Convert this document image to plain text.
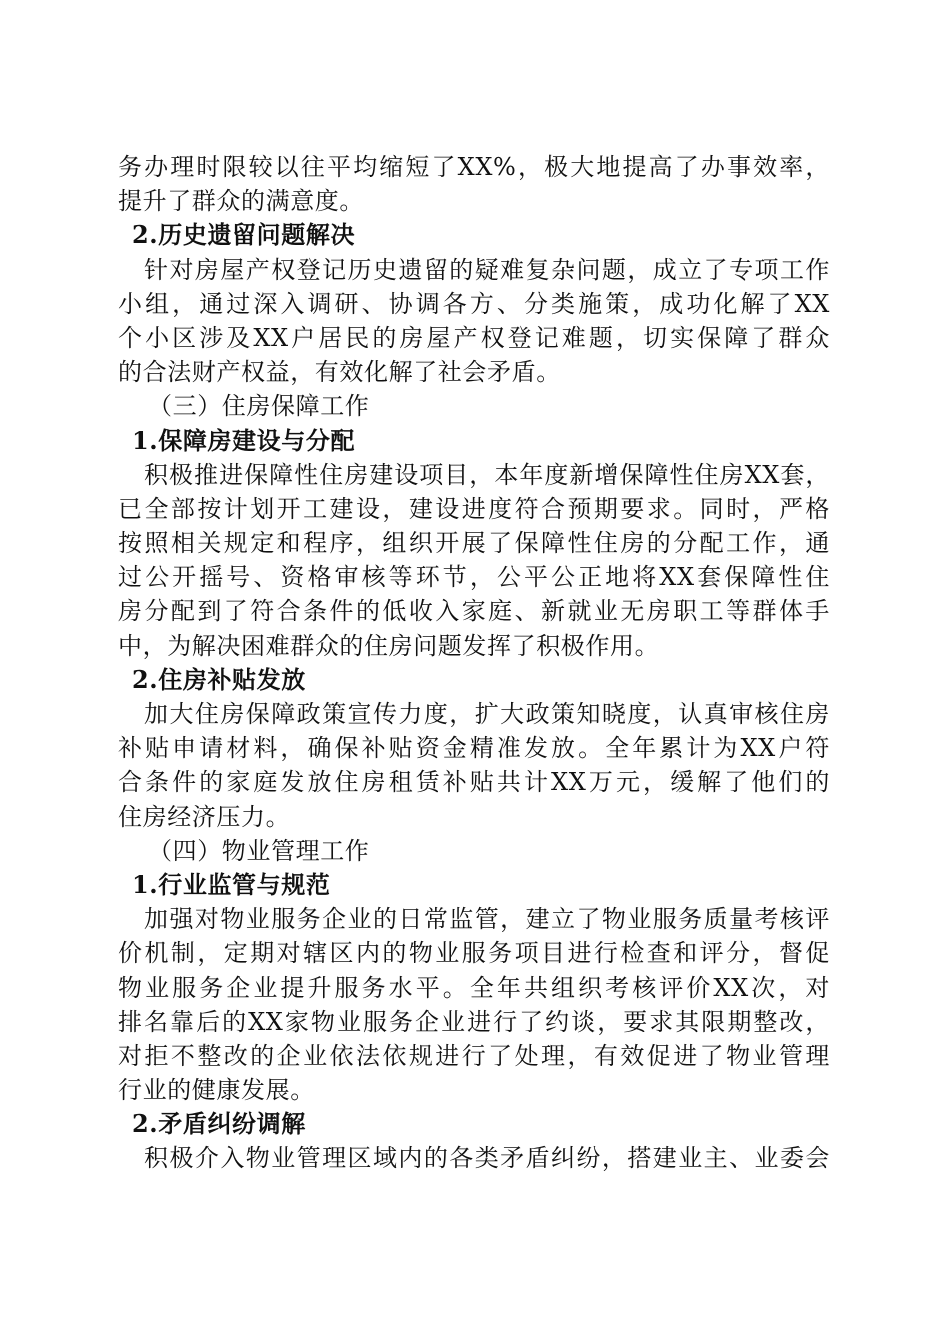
务办理时限较以往平均缩短了XX%，极大地提高了办事效率，
提升了群众的满意度。
2.历史遗留问题解决
针对房屋产权登记历史遗留的疑难复杂问题，成立了专项工作
小组，通过深入调研、协调各方、分类施策，成功化解了XX
个小区涉及XX户居民的房屋产权登记难题，切实保障了群众
的合法财产权益，有效化解了社会矛盾。
（三）住房保障工作
1.保障房建设与分配
积极推进保障性住房建设项目，本年度新增保障性住房XX套，
已全部按计划开工建设，建设进度符合预期要求。同时，严格
按照相关规定和程序，组织开展了保障性住房的分配工作，通
过公开摇号、资格审核等环节，公平公正地将XX套保障性住
房分配到了符合条件的低收入家庭、新就业无房职工等群体手
中，为解决困难群众的住房问题发挥了积极作用。
2.住房补贴发放
加大住房保障政策宣传力度，扩大政策知晓度，认真审核住房
补贴申请材料，确保补贴资金精准发放。全年累计为XX户符
合条件的家庭发放住房租赁补贴共计XX万元，缓解了他们的
住房经济压力。
（四）物业管理工作
1.行业监管与规范
加强对物业服务企业的日常监管，建立了物业服务质量考核评
价机制，定期对辖区内的物业服务项目进行检查和评分，督促
物业服务企业提升服务水平。全年共组织考核评价XX次，对
排名靠后的XX家物业服务企业进行了约谈，要求其限期整改，
对拒不整改的企业依法依规进行了处理，有效促进了物业管理
行业的健康发展。
2.矛盾纠纷调解
积极介入物业管理区域内的各类矛盾纠纷，搭建业主、业委会
